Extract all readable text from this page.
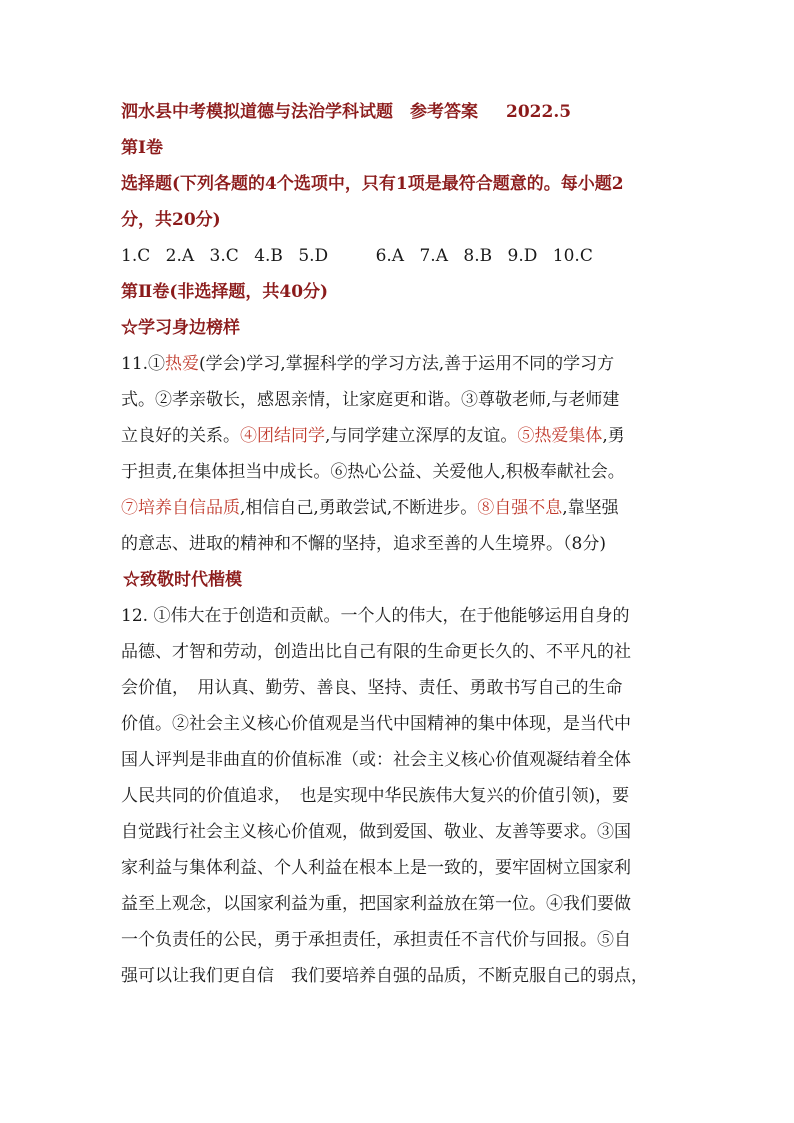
泗水县中考模拟道德与法治学科试题　参考答案 2022.5
第Ⅰ卷
选择题(下列各题的4个选项中，只有1项是最符合题意的。每小题2
分，共20分)
1.C 2.A 3.C 4.B 5.D	6.A 7.A 8.B 9.D 10.C
第Ⅱ卷(非选择题，共40分)
☆学习身边榜样
11.①热爱(学会)学习,掌握科学的学习方法,善于运用不同的学习方
式。②孝亲敬长，感恩亲情，让家庭更和谐。③尊敬老师,与老师建
立良好的关系。④团结同学,与同学建立深厚的友谊。⑤热爱集体,勇
于担责,在集体担当中成长。⑥热心公益、关爱他人,积极奉献社会。
⑦培养自信品质,相信自己,勇敢尝试,不断进步。⑧自强不息,靠坚强
的意志、进取的精神和不懈的坚持，追求至善的人生境界。（8分)
☆致敬时代楷模
12. ①伟大在于创造和贡献。一个人的伟大，在于他能够运用自身的
品德、才智和劳动，创造出比自己有限的生命更长久的、不平凡的社
会价值，　用认真、勤劳、善良、坚持、责任、勇敢书写自己的生命
价值。②社会主义核心价值观是当代中国精神的集中体现，是当代中
国人评判是非曲直的价值标准（或：社会主义核心价值观凝结着全体
人民共同的价值追求，　也是实现中华民族伟大复兴的价值引领)，要
自觉践行社会主义核心价值观，做到爱国、敬业、友善等要求。③国
家利益与集体利益、个人利益在根本上是一致的，要牢固树立国家利
益至上观念，以国家利益为重，把国家利益放在第一位。④我们要做
一个负责任的公民，勇于承担责任，承担责任不言代价与回报。⑤自
强可以让我们更自信　我们要培养自强的品质，不断克服自己的弱点，
